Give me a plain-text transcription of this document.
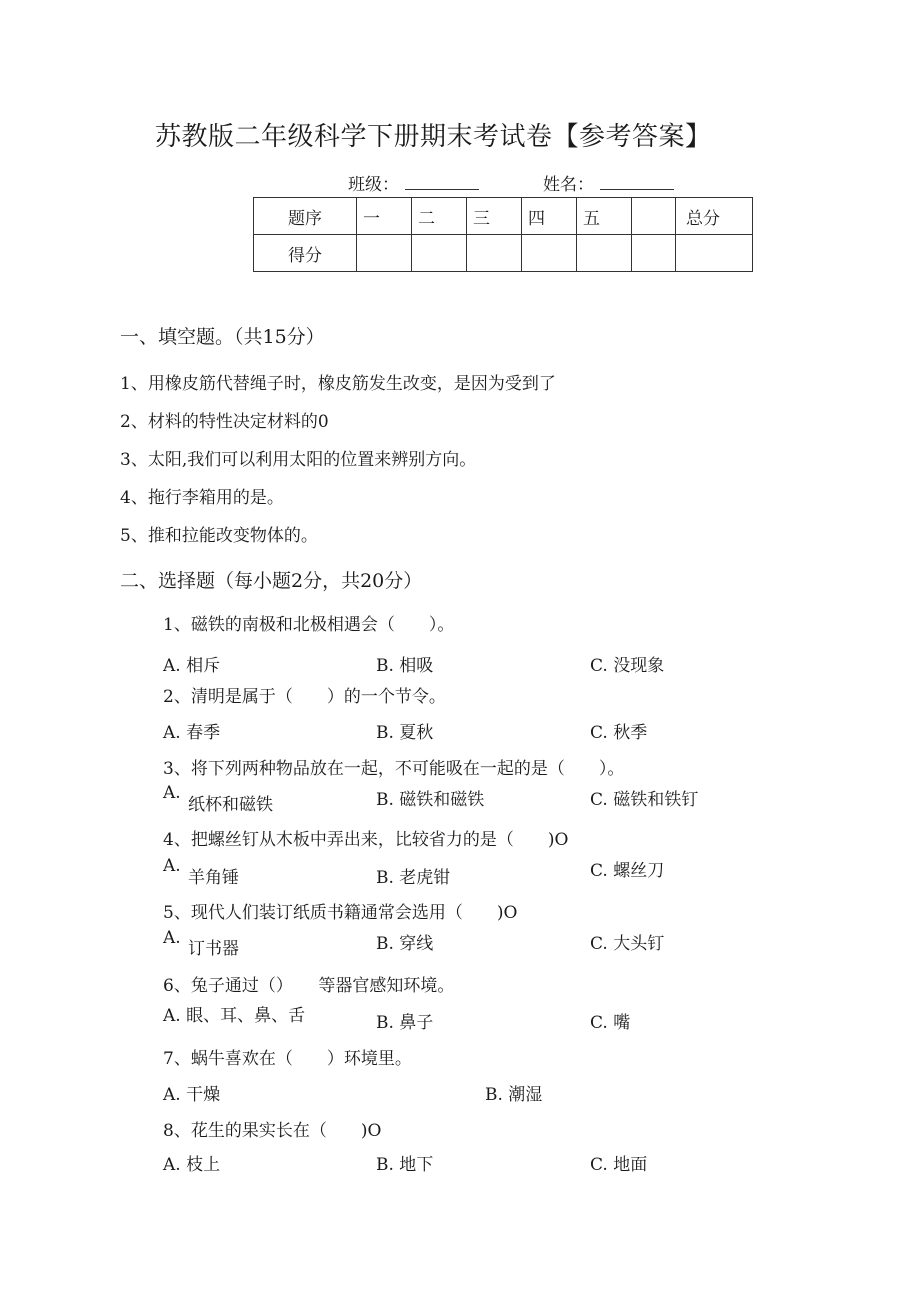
苏教版二年级科学下册期末考试卷【参考答案】
班级：	姓名：
题序	一	二	三	四	五		总分
得分							
一、填空题。（共15分）
1、用橡皮筋代替绳子时，橡皮筋发生改变，是因为受到了
2、材料的特性决定材料的0
3、太阳,我们可以利用太阳的位置来辨别方向。
4、拖行李箱用的是。
5、推和拉能改变物体的。
二、选择题（每小题2分，共20分）
1、磁铁的南极和北极相遇会（　　）。
A. 相斥	B. 相吸	C. 没现象
2、清明是属于（　　）的一个节令。
A. 春季	B. 夏秋	C. 秋季
3、将下列两种物品放在一起，不可能吸在一起的是（　　）。
A.
纸杯和磁铁	B. 磁铁和磁铁	C. 磁铁和铁钉
4、把螺丝钉从木板中弄出来，比较省力的是（　　)O
A.
羊角锤	B. 老虎钳	C. 螺丝刀
5、现代人们装订纸质书籍通常会选用（　　)O
A.
订书器	B. 穿线	C. 大头钉
6、兔子通过（）　　等器官感知环境。
A. 眼、耳、鼻、舌	B. 鼻子	C. 嘴
7、蜗牛喜欢在（　　）环境里。
A. 干燥	B. 潮湿
8、花生的果实长在（　　)O
A. 枝上	B. 地下	C. 地面
